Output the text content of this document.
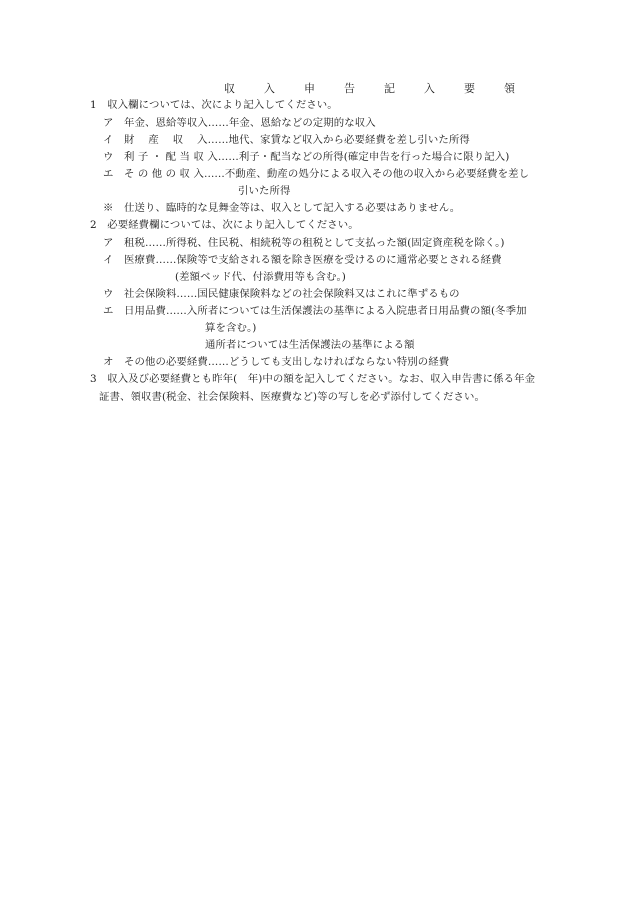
収　入　申　告　記　入　要　領
1　収入欄については、次により記入してください。
ア　年金、恩給等収入……年金、恩給などの定期的な収入
イ　財　 産　 収　 入……地代、家賃など収入から必要経費を差し引いた所得
ウ　利 子 ・ 配 当 収 入……利子・配当などの所得(確定申告を行った場合に限り記入)
エ　そ の 他 の 収 入……不動産、動産の処分による収入その他の収入から必要経費を差し
引いた所得
※　仕送り、臨時的な見舞金等は、収入として記入する必要はありません。
2　必要経費欄については、次により記入してください。
ア　租税……所得税、住民税、相続税等の租税として支払った額(固定資産税を除く。)
イ　医療費……保険等で支給される額を除き医療を受けるのに通常必要とされる経費
(差額ベッド代、付添費用等も含む。)
ウ　社会保険料……国民健康保険料などの社会保険料又はこれに準ずるもの
エ　日用品費……入所者については生活保護法の基準による入院患者日用品費の額(冬季加
算を含む。)
通所者については生活保護法の基準による額
オ　その他の必要経費……どうしても支出しなければならない特別の経費
3　収入及び必要経費とも昨年(　年)中の額を記入してください。なお、収入申告書に係る年金
証書、領収書(税金、社会保険料、医療費など)等の写しを必ず添付してください。
